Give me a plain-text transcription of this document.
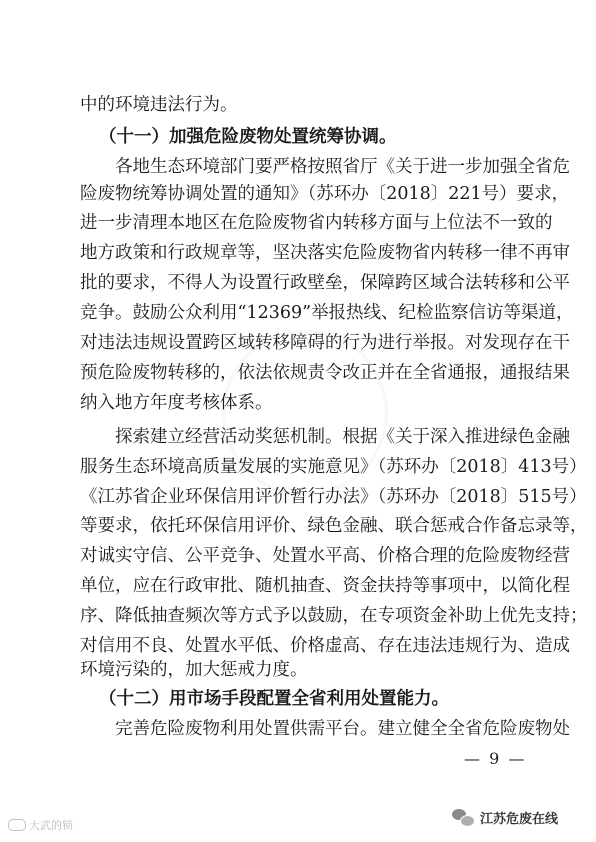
中的环境违法行为。
（十一）加强危险废物处置统筹协调。
各地生态环境部门要严格按照省厅《关于进一步加强全省危
险废物统筹协调处置的通知》（苏环办〔2018〕221号）要求，
进一步清理本地区在危险废物省内转移方面与上位法不一致的
地方政策和行政规章等，坚决落实危险废物省内转移一律不再审
批的要求，不得人为设置行政壁垒，保障跨区域合法转移和公平
竞争。鼓励公众利用“12369”举报热线、纪检监察信访等渠道，
对违法违规设置跨区域转移障碍的行为进行举报。对发现存在干
预危险废物转移的，依法依规责令改正并在全省通报，通报结果
纳入地方年度考核体系。
探索建立经营活动奖惩机制。根据《关于深入推进绿色金融
服务生态环境高质量发展的实施意见》（苏环办〔2018〕413号）
《江苏省企业环保信用评价暂行办法》（苏环办〔2018〕515号）
等要求，依托环保信用评价、绿色金融、联合惩戒合作备忘录等，
对诚实守信、公平竞争、处置水平高、价格合理的危险废物经营
单位，应在行政审批、随机抽查、资金扶持等事项中，以简化程
序、降低抽查频次等方式予以鼓励，在专项资金补助上优先支持；
对信用不良、处置水平低、价格虚高、存在违法违规行为、造成
环境污染的，加大惩戒力度。
（十二）用市场手段配置全省利用处置能力。
完善危险废物利用处置供需平台。建立健全全省危险废物处
— 9 —
大武的锁	江苏危废在线
